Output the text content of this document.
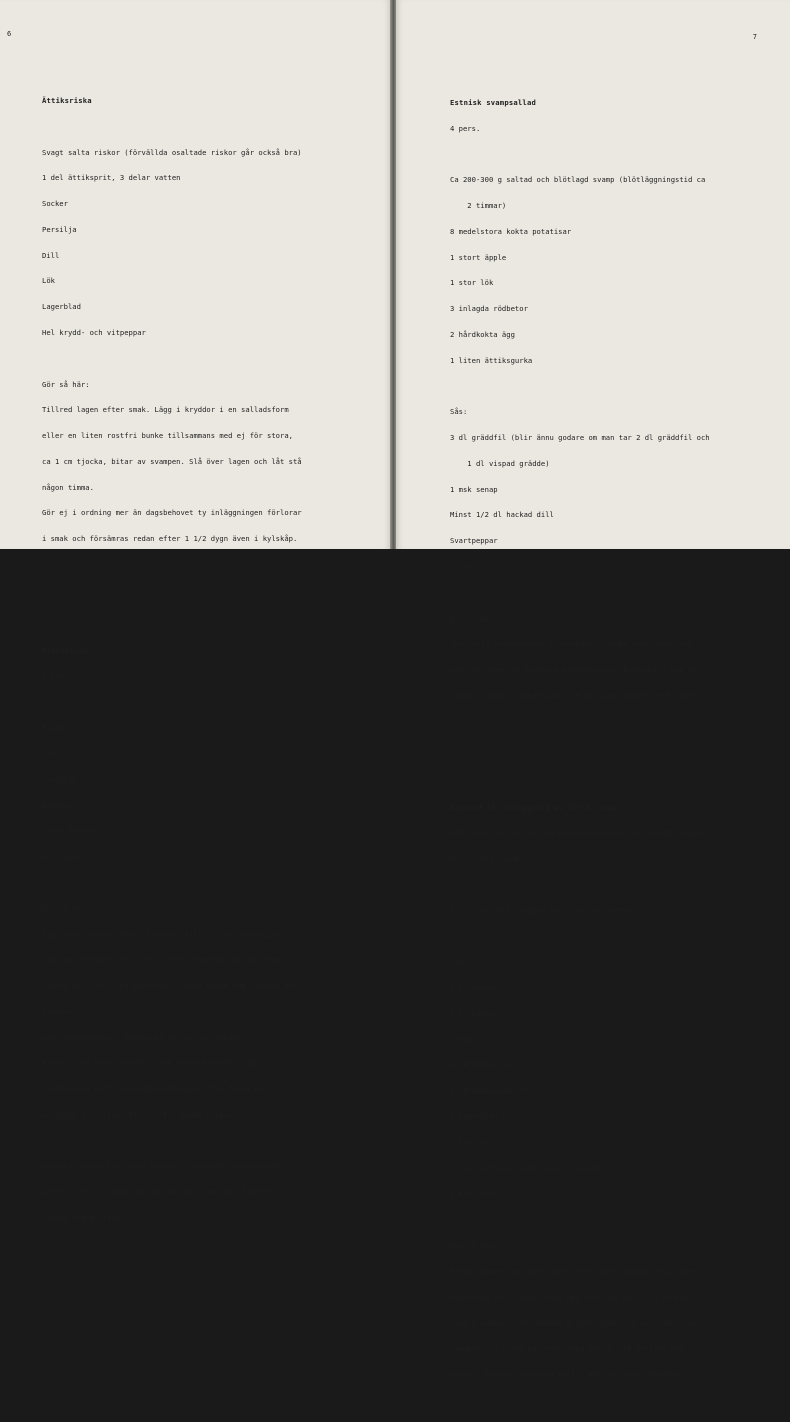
6

Ättiksriska

Svagt salta riskor (förvällda osaltade riskor går också bra)

1 del ättiksprit, 3 delar vatten

Socker

Persilja

Dill

Lök

Lagerblad

Hel krydd- och vitpeppar

Gör så här:

Tillred lagen efter smak. Lägg i kryddor i en salladsform

eller en liten rostfri bunke tillsammans med ej för stora,

ca 1 cm tjocka, bitar av svampen. Slå över lagen och låt stå

någon timma.

Gör ej i ordning mer än dagsbehovet ty inläggningen förlorar

i smak och försämras redan efter 1 1/2 dygn även i kylskåp.

Risksallad

4 pers.

Riskor

Lök

Purjolök

Gäddfil

Creme Fraiche

Ev. peppar

Gör så här:

Tag riskor efter behov. Finhacka till ca 1/4 sockerbits

storlek. Finhacka lök, helst charlottenlök (går bra med

vanlig gul lök), och purjolök i samma mängd som svampen och

blanda.

Lägg blandningen i mitten på ett serveringsfat.

Blanda lika delar gräddfil och Creme Fraiche. Lägg

blandningen runt om svampblandningen. Strö finhackad

purjolök i en ring ytterst. Ev. någon peppar.

Avkokta riskor kan också frysas in osaltade och användas i

grytor, pytt i panna mm. Man bör då krama ur så mycket

vatten som möjligt.

7

Estnisk svampsallad

4 pers.

Ca 200-300 g saltad och blötlagd svamp (blötläggningstid ca

2 timmar)

8 medelstora kokta potatisar

1 stort äpple

1 stor lök

3 inlagda rödbetor

2 hårdkokta ägg

1 liten ättiksgurka

Sås:

3 dl gräddfil (blir ännu godare om man tar 2 dl gräddfil och

1 dl vispad grädde)

1 msk senap

Minst 1/2 dl hackad dill

Svartpeppar

Socker

Gör så här:

Skär alla ingredienser i tärningar. Vispa ihop såsen och

häll den över de övriga ingredienserna. Eventuellt kan man

blanda i något rödbetsspad, om salladen skulle verka torr.

Marinad för inläggning av färsk svamp

Det finns nästan lika många marinadrecept som svampplockare.

Här är ett exempel.

1-2 l små hela svampar (alla ätliga sorter)

Lag:

2 dl vinäger

3 dl vatten

2 msk olja

10 kryddnejlikor

15 kryddpepparkorn

1 lagerblad

2 tsk salt

3 hela vitlöksklyftor (kan uteslutas)

2 msk socker

Gör så här:

Rensa svampen men skölj den helst inte. Blanda alla ingre-

dienserna till lagen. Koka upp och sjud den i ca 10 min.

Lägg i svampen och småkoka i ytterligare 10 min. Häll upp

svampen och lagen på varma rena burkar och förslut den

genast. Förvara burkarna kallt. Hållbar några månader.
